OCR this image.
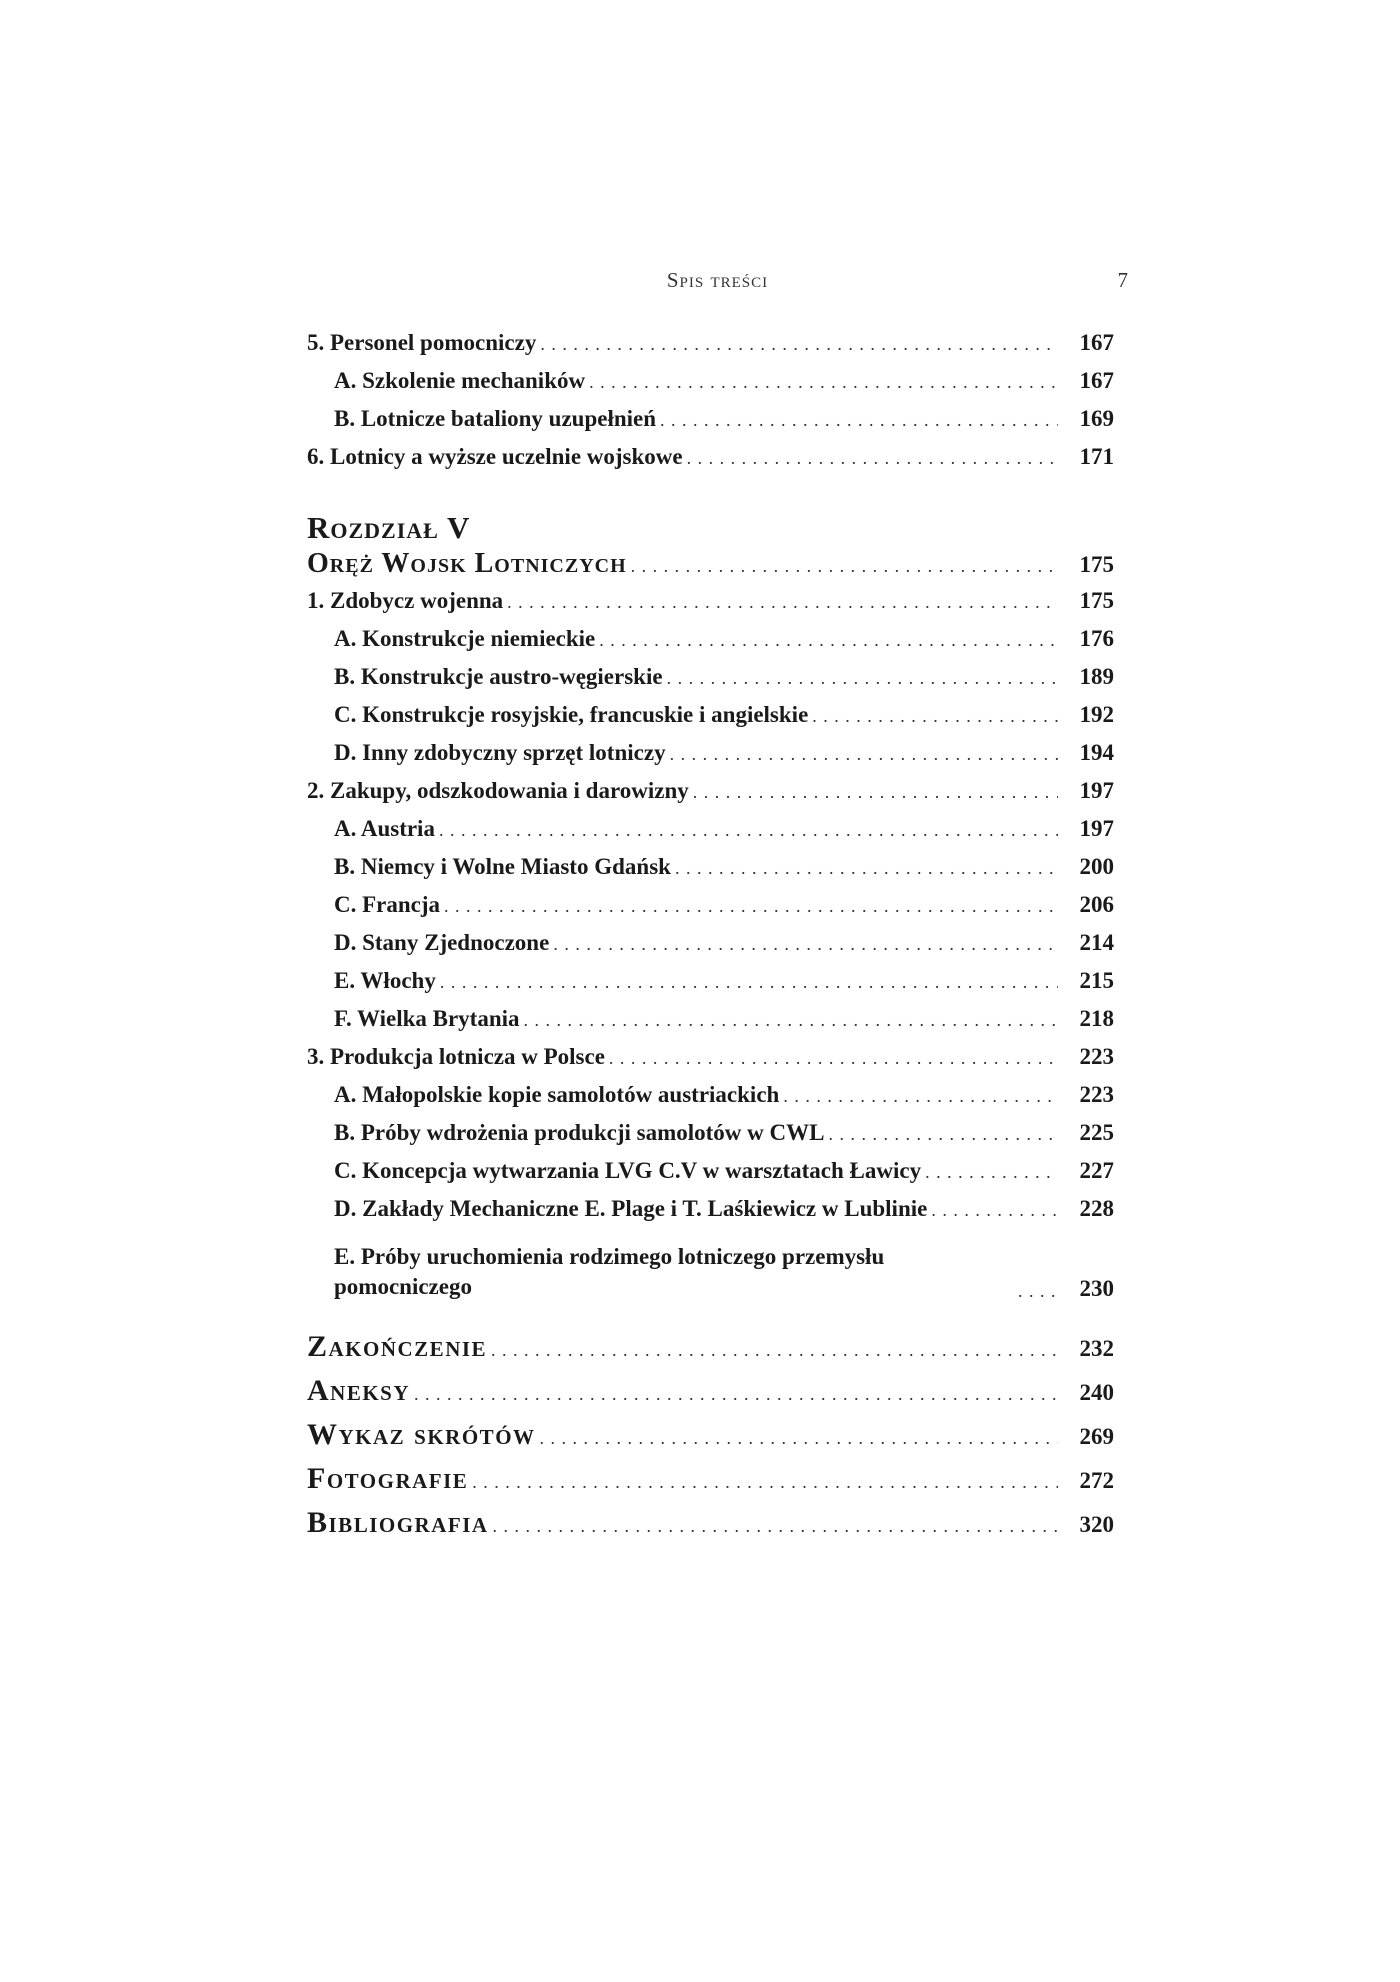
Spis treści	7
5. Personel pomocniczy . . .	167
A. Szkolenie mechaników . . .	167
B. Lotnicze bataliony uzupełnień . . .	169
6. Lotnicy a wyższe uczelnie wojskowe . . .	171
Rozdział V
Oręż Wojsk Lotniczych . . .	175
1. Zdobycz wojenna . . .	175
A. Konstrukcje niemieckie . . .	176
B. Konstrukcje austro-węgierskie . . .	189
C. Konstrukcje rosyjskie, francuskie i angielskie . . .	192
D. Inny zdobyczny sprzęt lotniczy . . .	194
2. Zakupy, odszkodowania i darowizny . . .	197
A. Austria . . .	197
B. Niemcy i Wolne Miasto Gdańsk . . .	200
C. Francja . . .	206
D. Stany Zjednoczone . . .	214
E. Włochy . . .	215
F. Wielka Brytania . . .	218
3. Produkcja lotnicza w Polsce . . .	223
A. Małopolskie kopie samolotów austriackich . . .	223
B. Próby wdrożenia produkcji samolotów w CWL . . .	225
C. Koncepcja wytwarzania LVG C.V w warsztatach Ławicy . . .	227
D. Zakłady Mechaniczne E. Plage i T. Laśkiewicz w Lublinie . . .	228
E. Próby uruchomienia rodzimego lotniczego przemysłu pomocniczego . . .	230
Zakończenie . . .	232
Aneksy . . .	240
Wykaz skrótów . . .	269
Fotografie . . .	272
Bibliografia . . .	320
